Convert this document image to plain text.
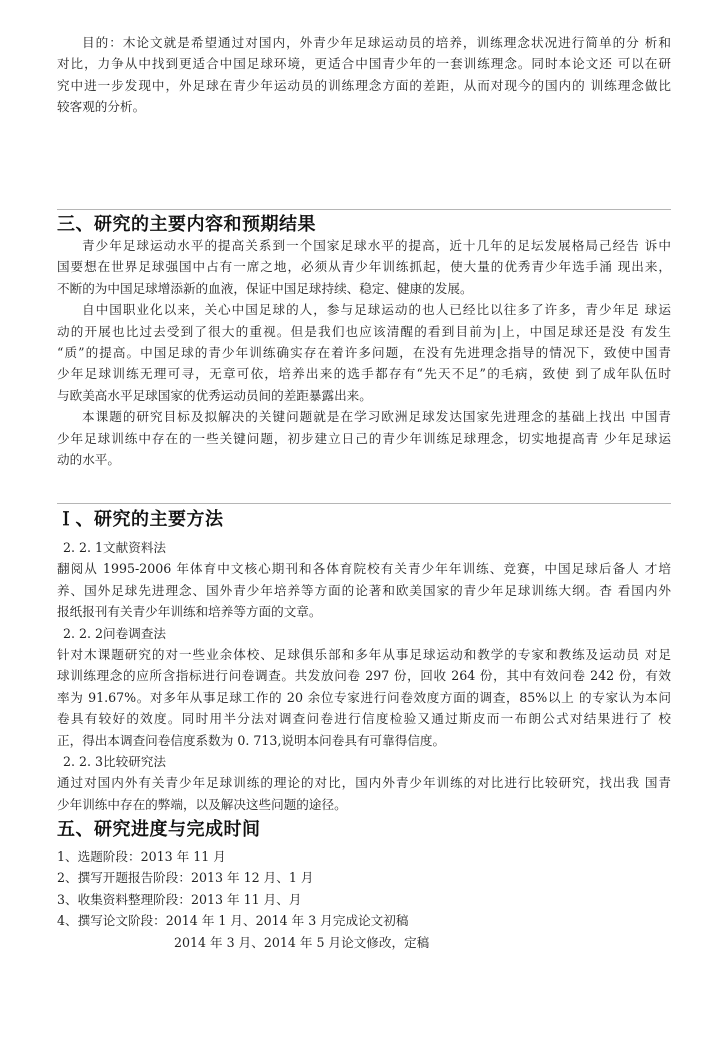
目的：木论文就是希望通过对国内，外青少年足球运动员的培养，训练理念状况进行简单的分 析和
对比，力争从中找到更适合中国足球环境，更适合中国青少年的一套训练理念。同时本论文还 可以在研
究中进一步发现中，外足球在青少年运动员的训练理念方面的差距，从而对现今的国内的 训练理念做比
较客观的分析。
三、研究的主要内容和预期结果
青少年足球运动水平的提高关系到一个国家足球水平的提高，近十几年的足坛发展格局己经告 诉中
国要想在世界足球强国中占有一席之地，必须从青少年训练抓起，使大量的优秀青少年选手涌 现出来，
不断的为中国足球增添新的血液，保证中国足球持续、稳定、健康的发展。
自中国职业化以来，关心中国足球的人，参与足球运动的也人已经比以往多了许多，青少年足 球运
动的开展也比过去受到了很大的重视。但是我们也应该清醒的看到目前为|上，中国足球还是没 有发生
“质”的提高。中国足球的青少年训练确实存在着许多问题，在没有先进理念指导的情况下，致使中国青
少年足球训练无理可寻，无章可依，培养出来的选手都存有“先天不足”的毛病，致使 到了成年队伍时
与欧美高水平足球国家的优秀运动员间的差距暴露出来。
本课题的研究目标及拟解决的关键问题就是在学习欧洲足球发达国家先进理念的基础上找出 中国青
少年足球训练中存在的一些关键问题，初步建立日己的青少年训练足球理念，切实地提高青 少年足球运
动的水平。
Ｉ、研究的主要方法
2. 2. 1文献资料法
翻阅从 1995-2006 年体育中文核心期刊和各体育院校有关青少年年训练、竞赛，中国足球后备人 才培
养、国外足球先进理念、国外青少年培养等方面的论著和欧美国家的青少年足球训练大纲。杳 看国内外
报纸报刊有关青少年训练和培养等方面的文章。
2. 2. 2问卷调查法
针对木课题研究的对一些业余体校、足球俱乐部和多年从事足球运动和教学的专家和教练及运动员 对足
球训练理念的应所含指标进行问卷调查。共发放问卷 297 份，回收 264 份，其中有效问卷 242 份，有效
率为 91.67%。对多年从事足球工作的 20 余位专家进行问卷效度方面的调查，85%以上 的专家认为本问
卷具有较好的效度。同时用半分法对调查问卷进行信度检验又通过斯皮而一布朗公式对结果进行了 校
正，得出本调查问卷信度系数为 0. 713,说明本问卷具有可靠得信度。
2. 2. 3比较研究法
通过对国内外有关青少年足球训练的理论的对比，国内外青少年训练的对比进行比较研究，找出我 国青
少年训练中存在的弊端，以及解决这些问题的途径。
五、研究进度与完成时间
1、选题阶段：2013 年 11 月
2、撰写开题报告阶段：2013 年 12 月、1 月
3、收集资料整理阶段：2013 年 11 月、月
4、撰写论文阶段：2014 年 1 月、2014 年 3 月完成论文初稿
2014 年 3 月、2014 年 5 月论文修改，定稿
